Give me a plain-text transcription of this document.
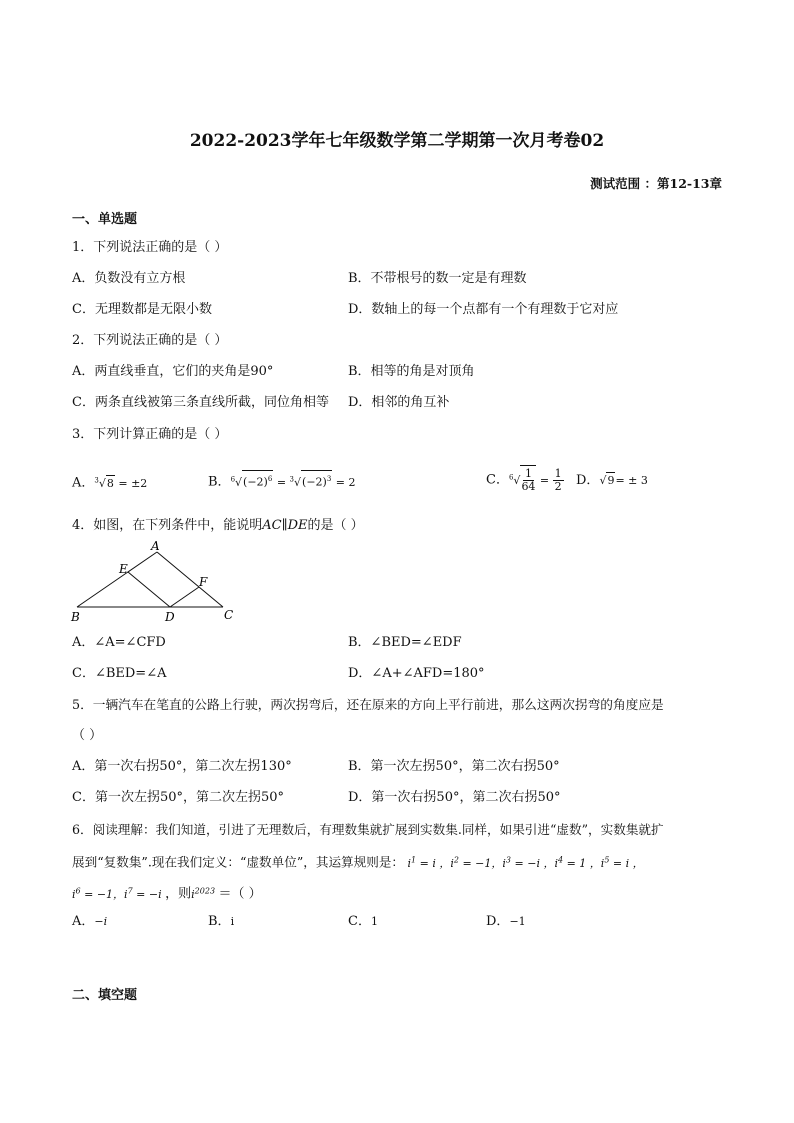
2022-2023学年七年级数学第二学期第一次月考卷02
测试范围 ：第12-13章
一、单选题
1．下列说法正确的是（ ）
A．负数没有立方根	B．不带根号的数一定是有理数
C．无理数都是无限小数	D．数轴上的每一个点都有一个有理数于它对应
2．下列说法正确的是（ ）
A．两直线垂直，它们的夹角是90°	B．相等的角是对顶角
C．两条直线被第三条直线所截，同位角相等 D．相邻的角互补
3．下列计算正确的是（ ）
A．$^3$√8 = ±2	B．$^6√(-2)^6 = ^3√(-2)^3 = 2$	C．$^6√ \frac{1}{64} = \frac{1}{2}$ D．√9= ± 3
4．如图，在下列条件中，能说明AC∥DE的是（ ）
A
E
F
B	D	C
A．∠A=∠CFD	B．∠BED=∠EDF
C．∠BED=∠A	D．∠A+∠AFD=180°
5．一辆汽车在笔直的公路上行驶，两次拐弯后，还在原来的方向上平行前进，那么这两次拐弯的角度应是
（ ）
A．第一次右拐50°，第二次左拐130°	B．第一次左拐50°，第二次右拐50°
C．第一次左拐50°，第二次左拐50°	D．第一次右拐50°，第二次右拐50°
6．阅读理解：我们知道，引进了无理数后，有理数集就扩展到实数集.同样，如果引进“虚数”，实数集就扩
展到“复数集”.现在我们定义：“虚数单位”，其运算规则是： $i^1 = i$ ，$i^2 = -1$，$i^3 = -i$ ，$i^4 = 1$ ，$i^5 = i$ ，
$i^6 = -1$，$i^7 = -i$ ，则$i^{2023}$ ＝（ ）
A．−i	B．i	C．1	D．−1
二、填空题
